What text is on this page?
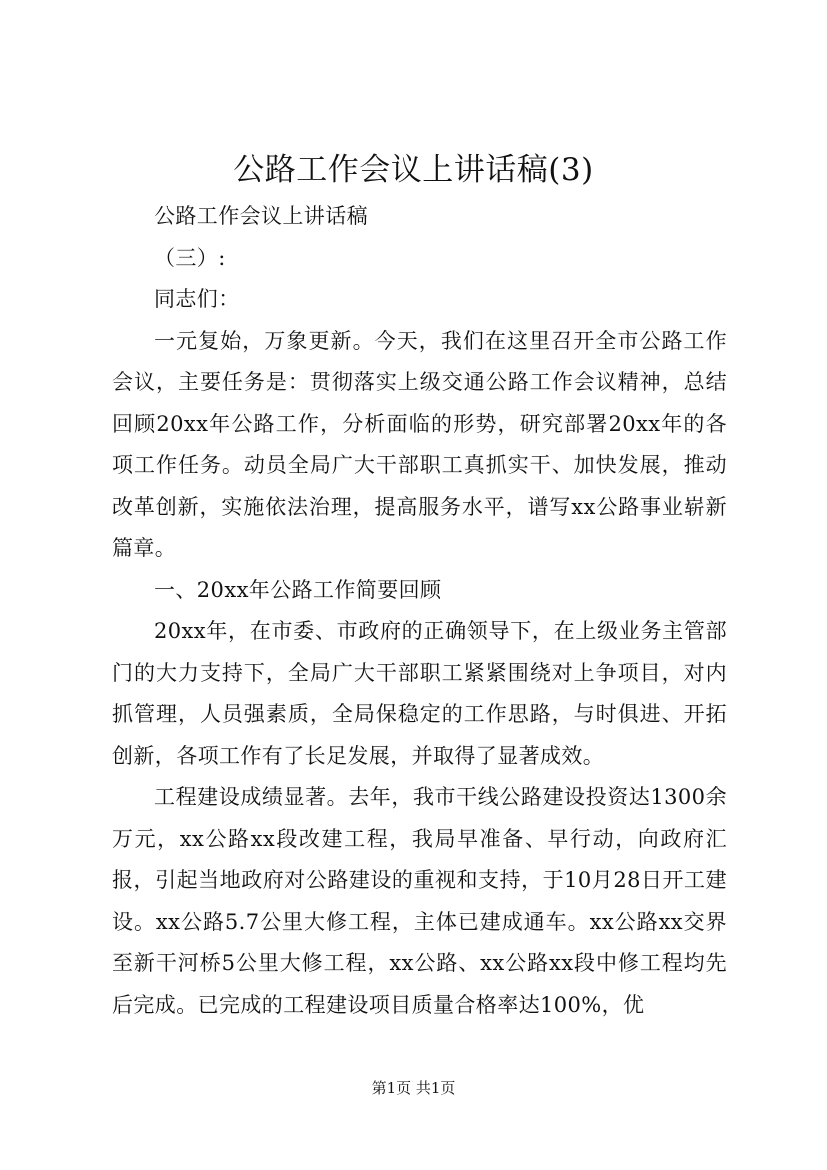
公路工作会议上讲话稿(3)

公路工作会议上讲话稿

（三）:

同志们：

一元复始，万象更新。今天，我们在这里召开全市公路工作会议，主要任务是：贯彻落实上级交通公路工作会议精神，总结回顾20xx年公路工作，分析面临的形势，研究部署20xx年的各项工作任务。动员全局广大干部职工真抓实干、加快发展，推动改革创新，实施依法治理，提高服务水平，谱写xx公路事业崭新篇章。

一、20xx年公路工作简要回顾

20xx年，在市委、市政府的正确领导下，在上级业务主管部门的大力支持下，全局广大干部职工紧紧围绕对上争项目，对内抓管理，人员强素质，全局保稳定的工作思路，与时俱进、开拓创新，各项工作有了长足发展，并取得了显著成效。

工程建设成绩显著。去年，我市干线公路建设投资达1300余万元，xx公路xx段改建工程，我局早准备、早行动，向政府汇报，引起当地政府对公路建设的重视和支持，于10月28日开工建设。xx公路5.7公里大修工程，主体已建成通车。xx公路xx交界至新干河桥5公里大修工程，xx公路、xx公路xx段中修工程均先后完成。已完成的工程建设项目质量合格率达100%，优

第1页 共1页
